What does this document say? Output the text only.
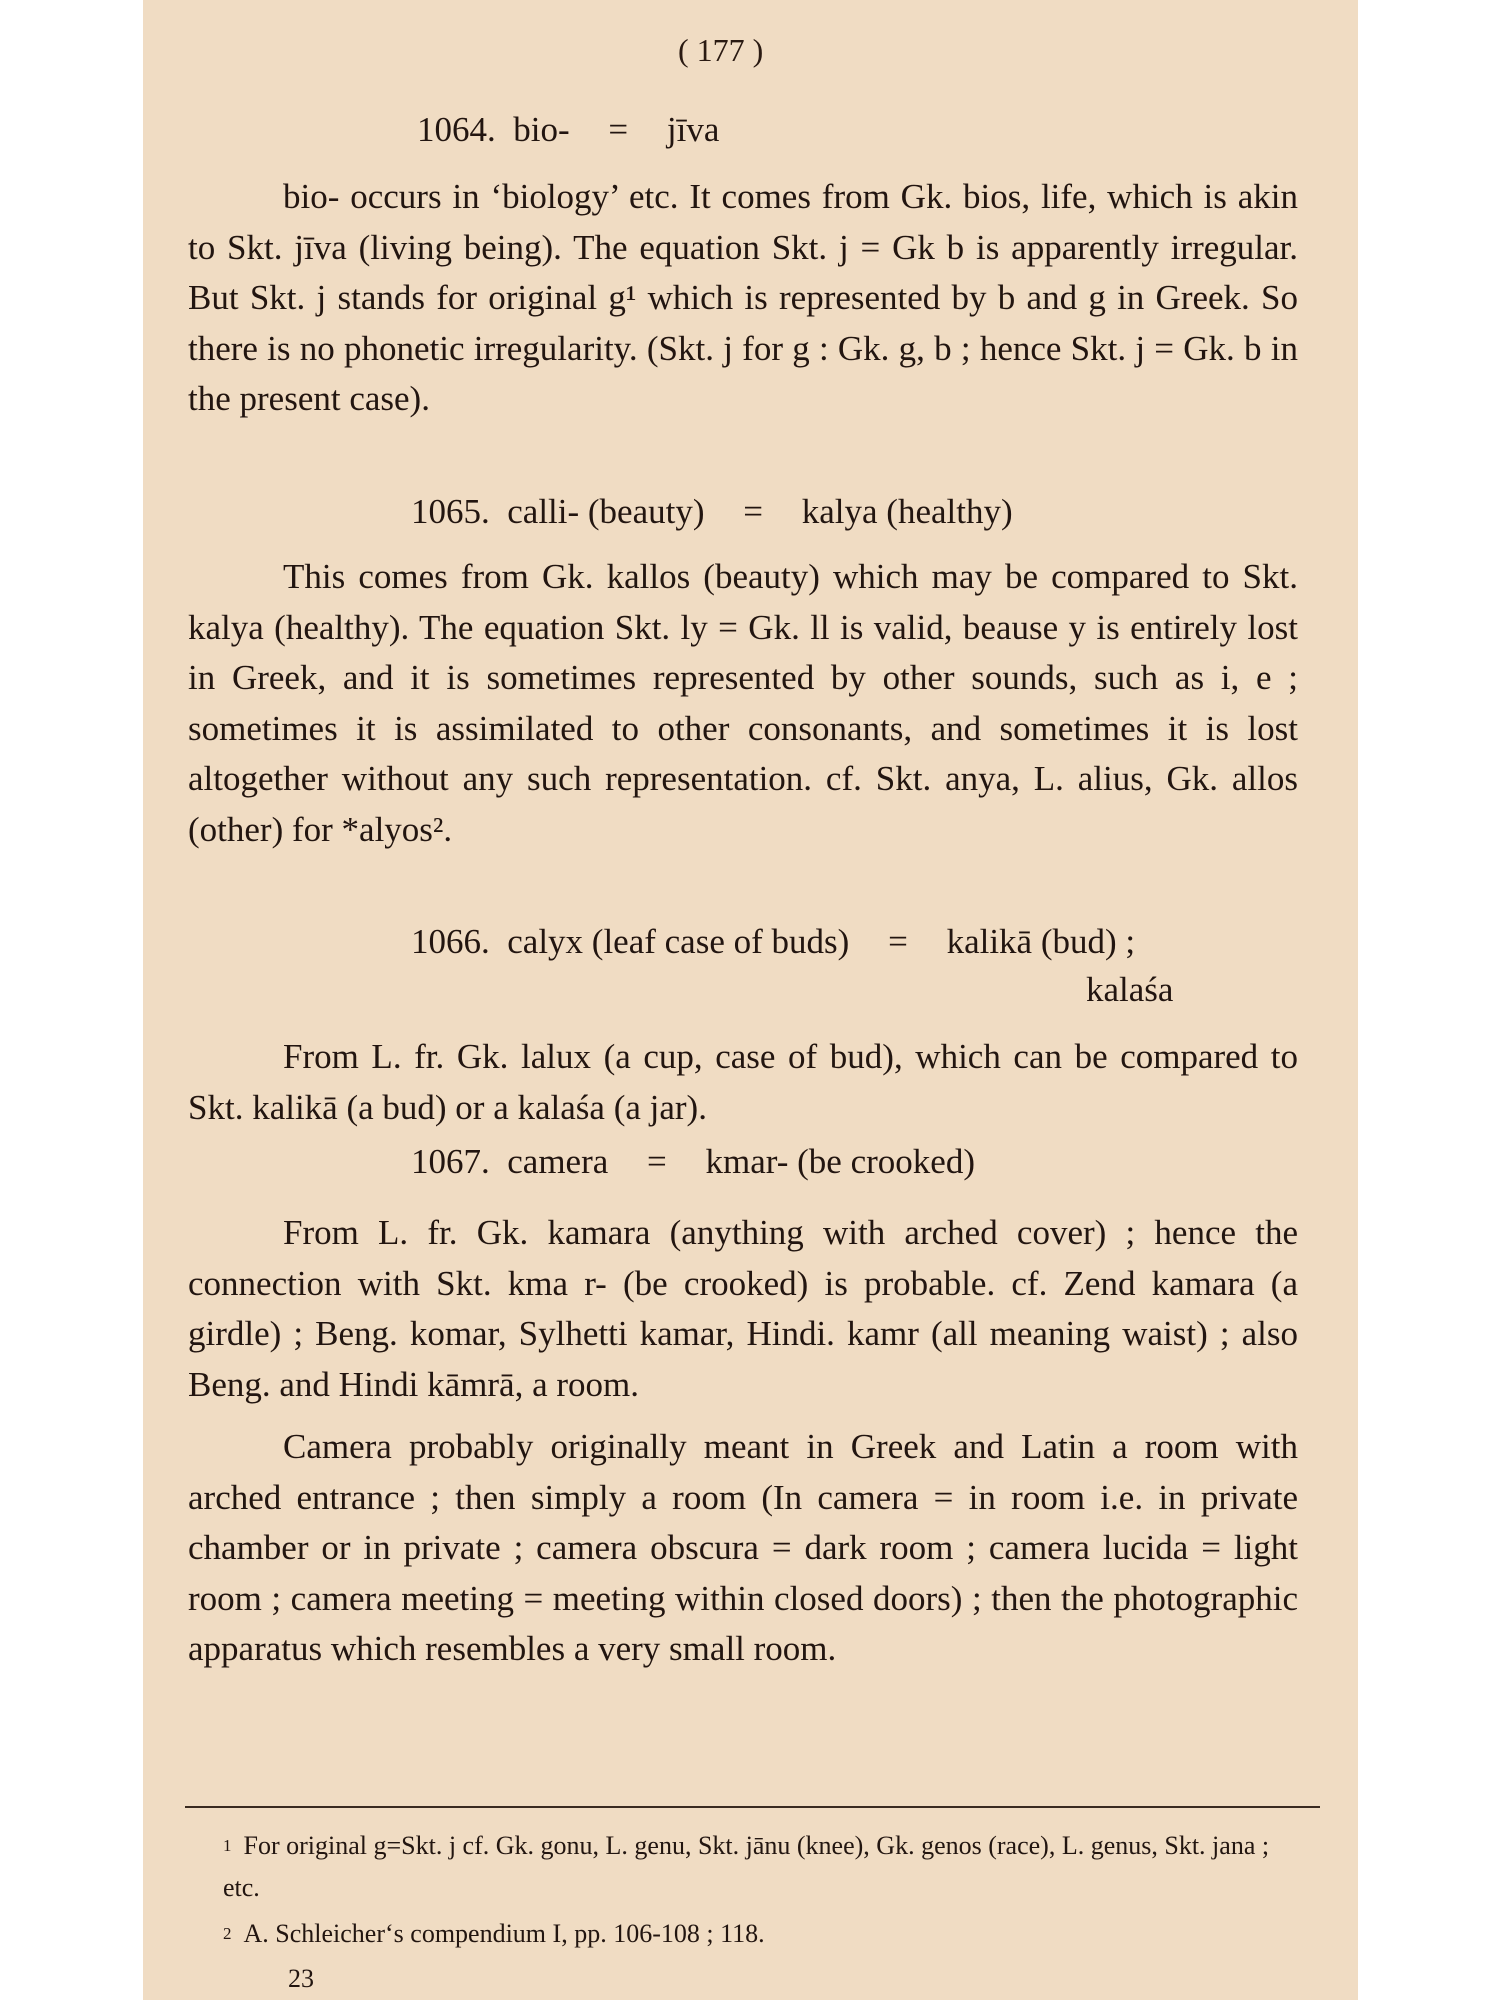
( 177 )
1064. bio- = jīva

bio- occurs in ‘biology’ etc. It comes from Gk. bios, life, which is akin to Skt. jīva (living being). The equation Skt. j = Gk b is apparently irregular. But Skt. j stands for original g¹ which is represented by b and g in Greek. So there is no phonetic irregularity. (Skt. j for g : Gk. g, b ; hence Skt. j = Gk. b in the present case).

1065. calli- (beauty) = kalya (healthy)

This comes from Gk. kallos (beauty) which may be compared to Skt. kalya (healthy). The equation Skt. ly = Gk. ll is valid, beause y is entirely lost in Greek, and it is sometimes represented by other sounds, such as i, e ; sometimes it is assimilated to other consonants, and sometimes it is lost altogether without any such representation. cf. Skt. anya, L. alius, Gk. allos (other) for *alyos².

1066. calyx (leaf case of buds) = kalikā (bud) ;
kalaśa

From L. fr. Gk. lalux (a cup, case of bud), which can be compared to Skt. kalikā (a bud) or a kalaśa (a jar).

1067. camera = kmar- (be crooked)

From L. fr. Gk. kamara (anything with arched cover) ; hence the connection with Skt. kma r- (be crooked) is probable. cf. Zend kamara (a girdle) ; Beng. komar, Sylhetti kamar, Hindi. kamr (all meaning waist) ; also Beng. and Hindi kāmrā, a room.

Camera probably originally meant in Greek and Latin a room with arched entrance ; then simply a room (In camera = in room i.e. in private chamber or in private ; camera obscura = dark room ; camera lucida = light room ; camera meeting = meeting within closed doors) ; then the photographic apparatus which resembles a very small room.

$^1$ For original g=Skt. j cf. Gk. gonu, L. genu, Skt. jānu (knee), Gk. genos (race), L. genus, Skt. jana ; etc.
$^2$ A. Schleicher‘s compendium I, pp. 106-108 ; 118.
23
